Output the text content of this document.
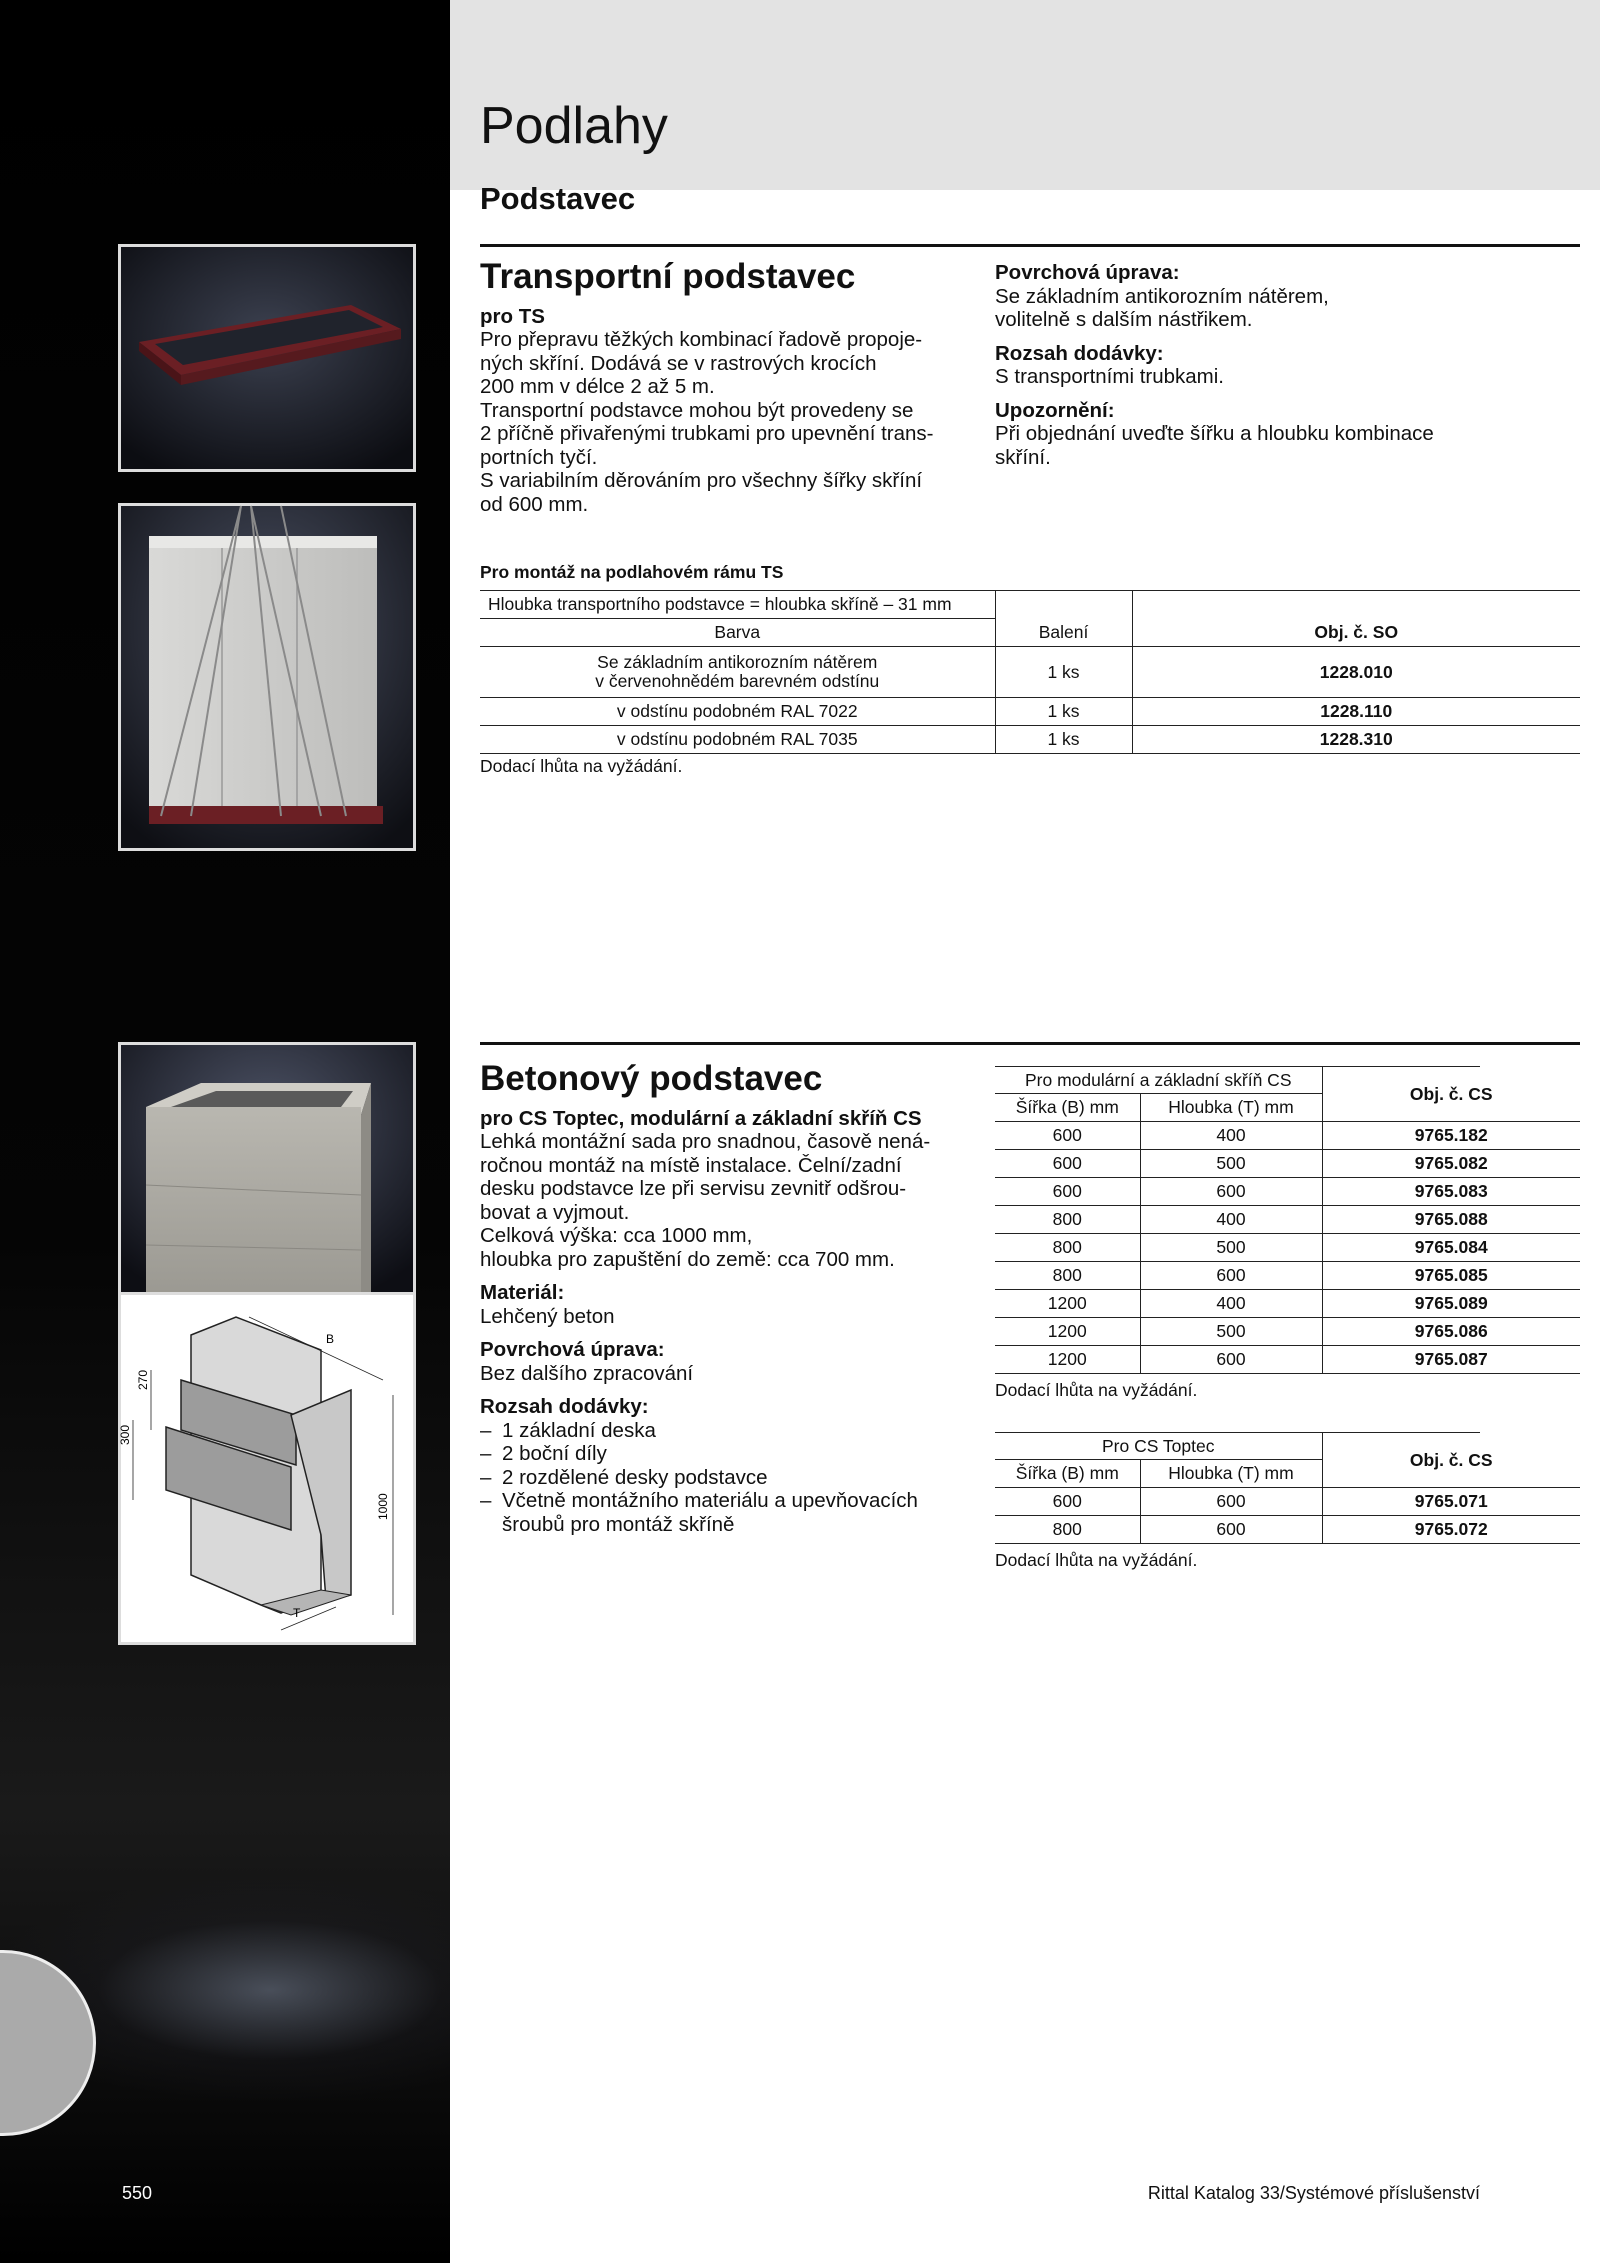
Podlahy
Podstavec
Transportní podstavec
pro TS
Pro přepravu těžkých kombinací řadově propoje-
ných skříní. Dodává se v rastrových krocích
200 mm v délce 2 až 5 m.
Transportní podstavce mohou být provedeny se
2 příčně přivařenými trubkami pro upevnění trans-
portních tyčí.
S variabilním děrováním pro všechny šířky skříní
od 600 mm.
Povrchová úprava:
Se základním antikorozním nátěrem,
volitelně s dalším nástřikem.
Rozsah dodávky:
S transportními trubkami.
Upozornění:
Při objednání uveďte šířku a hloubku kombinace
skříní.
Pro montáž na podlahovém rámu TS
Hloubka transportního podstavce = hloubka skříně – 31 mm		
Barva	Balení	Obj. č. SO
Se základním antikorozním nátěrem
v červenohnědém barevném odstínu	1 ks	1228.010
v odstínu podobném RAL 7022	1 ks	1228.110
v odstínu podobném RAL 7035	1 ks	1228.310
Dodací lhůta na vyžádání.
B
270
300
1000
T
Betonový podstavec
pro CS Toptec, modulární a základní skříň CS
Lehká montážní sada pro snadnou, časově nená-
ročnou montáž na místě instalace. Čelní/zadní
desku podstavce lze při servisu zevnitř odšrou-
bovat a vyjmout.
Celková výška: cca 1000 mm,
hloubka pro zapuštění do země: cca 700 mm.
Materiál:
Lehčený beton
Povrchová úprava:
Bez dalšího zpracování
Rozsah dodávky:
– 1 základní deska
– 2 boční díly
– 2 rozdělené desky podstavce
– Včetně montážního materiálu a upevňovacích
šroubů pro montáž skříně
Pro modulární a základní skříň CS		Obj. č. CS
Šířka (B) mm	Hloubka (T) mm	
600	400	9765.182
600	500	9765.082
600	600	9765.083
800	400	9765.088
800	500	9765.084
800	600	9765.085
1200	400	9765.089
1200	500	9765.086
1200	600	9765.087
Dodací lhůta na vyžádání.
Pro CS Toptec		Obj. č. CS
Šířka (B) mm	Hloubka (T) mm	
600	600	9765.071
800	600	9765.072
Dodací lhůta na vyžádání.
550	Rittal Katalog 33/Systémové příslušenství
